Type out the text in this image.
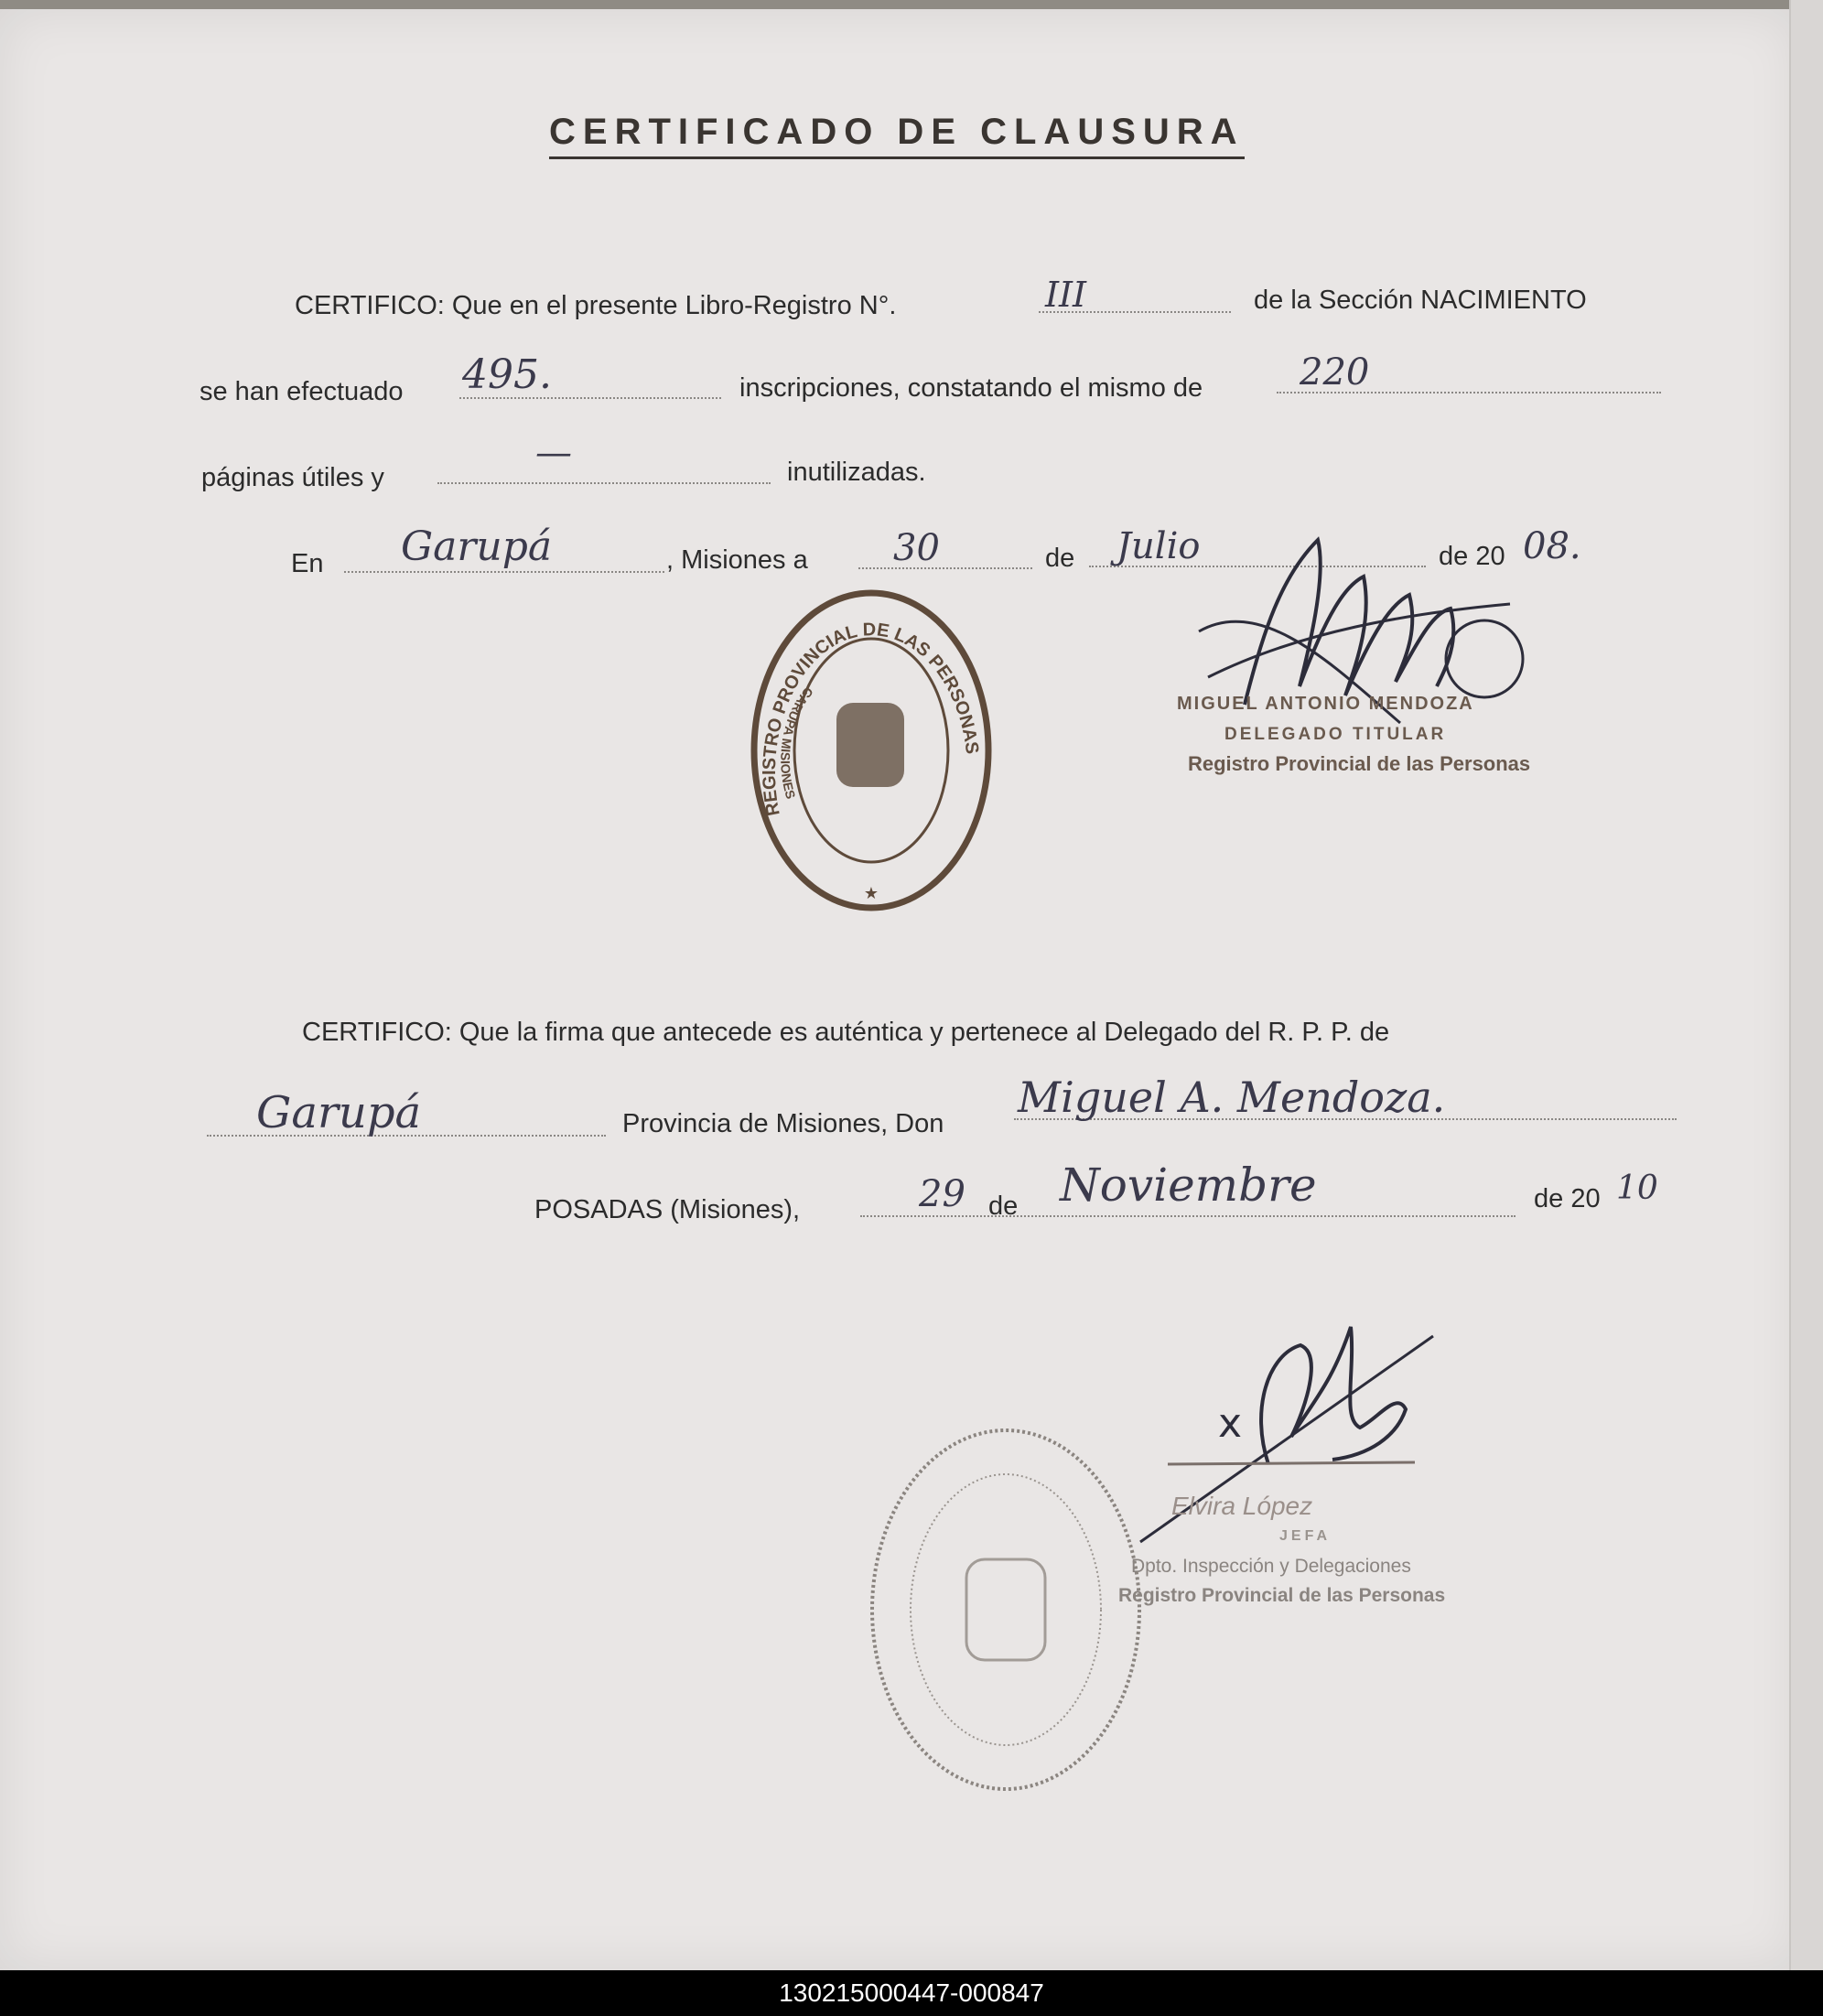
CERTIFICADO DE CLAUSURA
CERTIFICO: Que en el presente Libro-Registro N°.	III	de la Sección NACIMIENTO
se han efectuado 495.	inscripciones, constatando el mismo de	220
páginas útiles y
—	inutilizadas.
En Garupá	, Misiones a 30	de Julio	de 20 08.
REGISTRO PROVINCIAL DE LAS PERSONAS
GARUPA MISIONES
★
MIGUEL ANTONIO MENDOZA
DELEGADO TITULAR
Registro Provincial de las Personas
CERTIFICO: Que la firma que antecede es auténtica y pertenece al Delegado del R. P. P. de
Garupá	Provincia de Misiones, Don
Miguel A. Mendoza.
POSADAS (Misiones),	29 de Noviembre	de 20 10
x
Elvira López
JEFA
Dpto. Inspección y Delegaciones
Registro Provincial de las Personas
130215000447-000847
